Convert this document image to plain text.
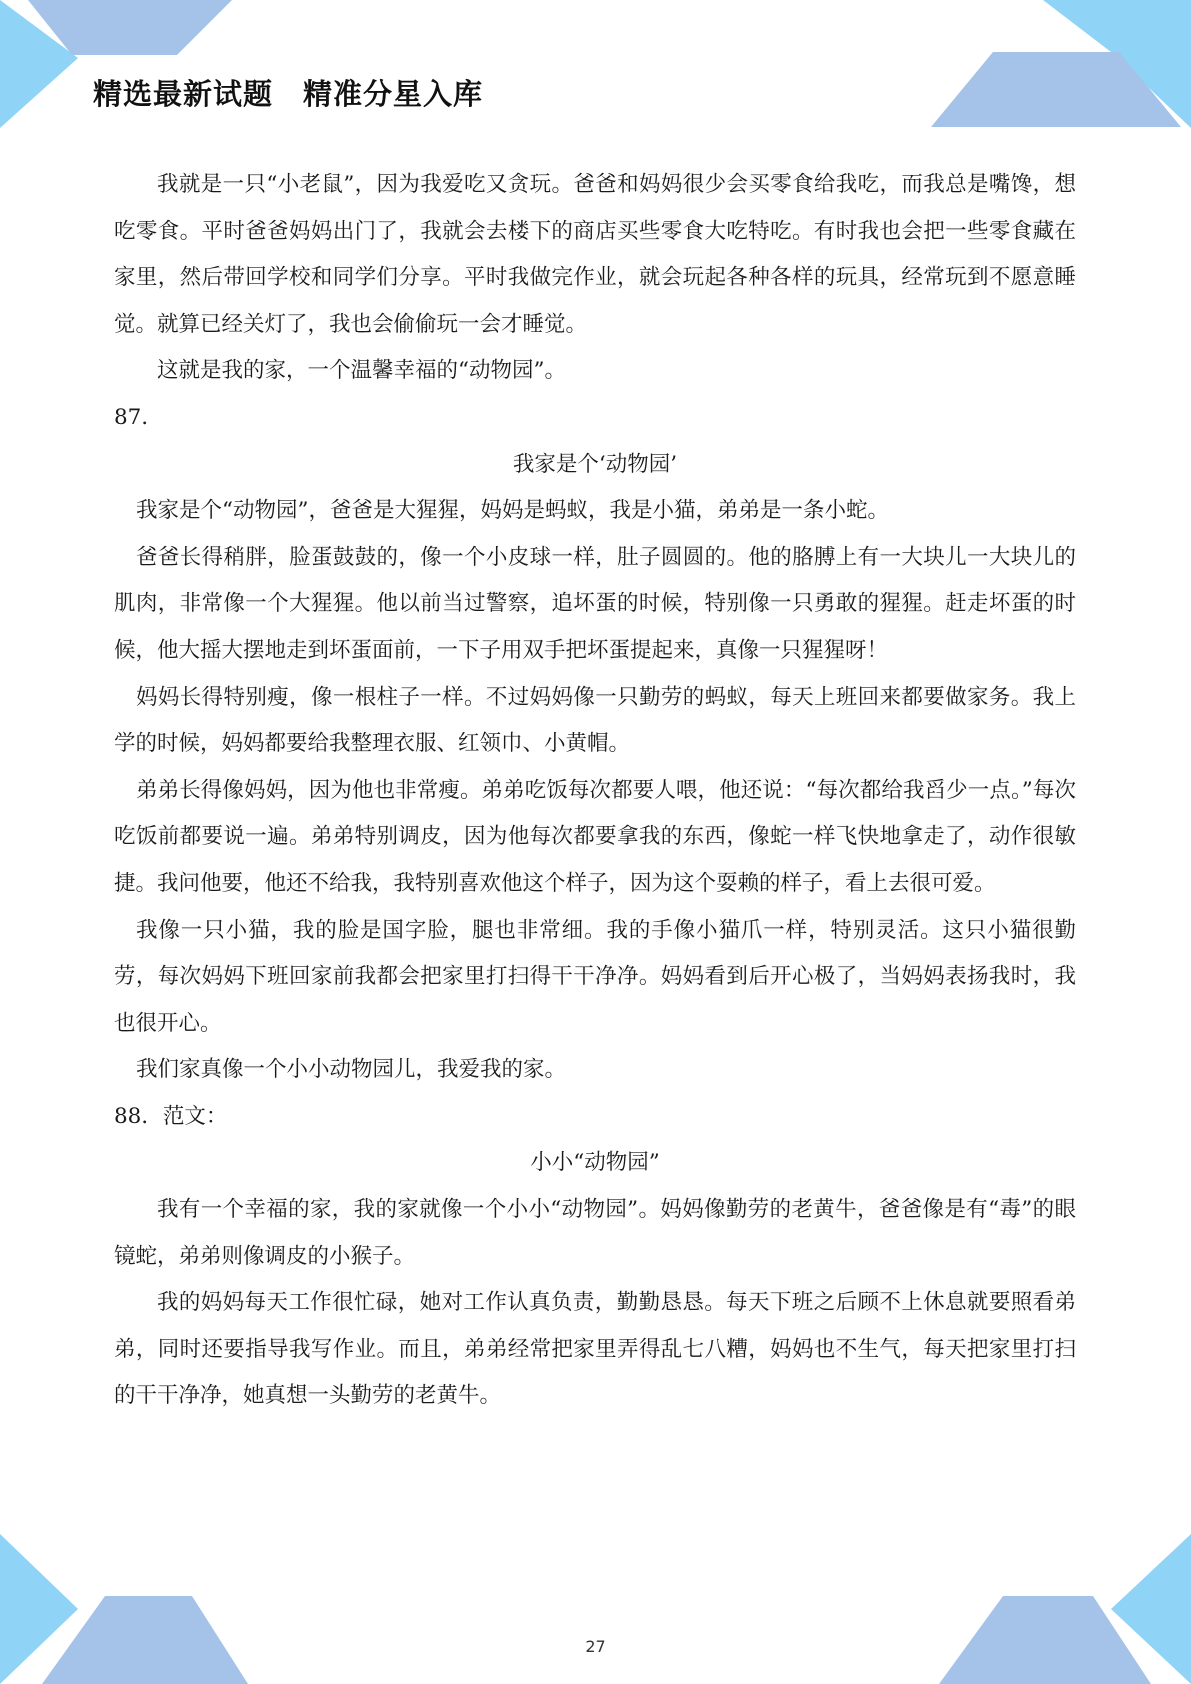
精选最新试题　精准分星入库

我就是一只“小老鼠”，因为我爱吃又贪玩。爸爸和妈妈很少会买零食给我吃，而我总是嘴馋，想吃零食。平时爸爸妈妈出门了，我就会去楼下的商店买些零食大吃特吃。有时我也会把一些零食藏在家里，然后带回学校和同学们分享。平时我做完作业，就会玩起各种各样的玩具，经常玩到不愿意睡觉。就算已经关灯了，我也会偷偷玩一会才睡觉。

这就是我的家，一个温馨幸福的“动物园”。

87．

我家是个‘动物园’

我家是个“动物园”，爸爸是大猩猩，妈妈是蚂蚁，我是小猫，弟弟是一条小蛇。

爸爸长得稍胖，脸蛋鼓鼓的，像一个小皮球一样，肚子圆圆的。他的胳膊上有一大块儿一大块儿的肌肉，非常像一个大猩猩。他以前当过警察，追坏蛋的时候，特别像一只勇敢的猩猩。赶走坏蛋的时候，他大摇大摆地走到坏蛋面前，一下子用双手把坏蛋提起来，真像一只猩猩呀！

妈妈长得特别瘦，像一根柱子一样。不过妈妈像一只勤劳的蚂蚁，每天上班回来都要做家务。我上学的时候，妈妈都要给我整理衣服、红领巾、小黄帽。

弟弟长得像妈妈，因为他也非常瘦。弟弟吃饭每次都要人喂，他还说：“每次都给我舀少一点。”每次吃饭前都要说一遍。弟弟特别调皮，因为他每次都要拿我的东西，像蛇一样飞快地拿走了，动作很敏捷。我问他要，他还不给我，我特别喜欢他这个样子，因为这个耍赖的样子，看上去很可爱。

我像一只小猫，我的脸是国字脸，腿也非常细。我的手像小猫爪一样，特别灵活。这只小猫很勤劳，每次妈妈下班回家前我都会把家里打扫得干干净净。妈妈看到后开心极了，当妈妈表扬我时，我也很开心。

我们家真像一个小小动物园儿，我爱我的家。

88．范文：

小小“动物园”

我有一个幸福的家，我的家就像一个小小“动物园”。妈妈像勤劳的老黄牛，爸爸像是有“毒”的眼镜蛇，弟弟则像调皮的小猴子。

我的妈妈每天工作很忙碌，她对工作认真负责，勤勤恳恳。每天下班之后顾不上休息就要照看弟弟，同时还要指导我写作业。而且，弟弟经常把家里弄得乱七八糟，妈妈也不生气，每天把家里打扫的干干净净，她真想一头勤劳的老黄牛。

27
